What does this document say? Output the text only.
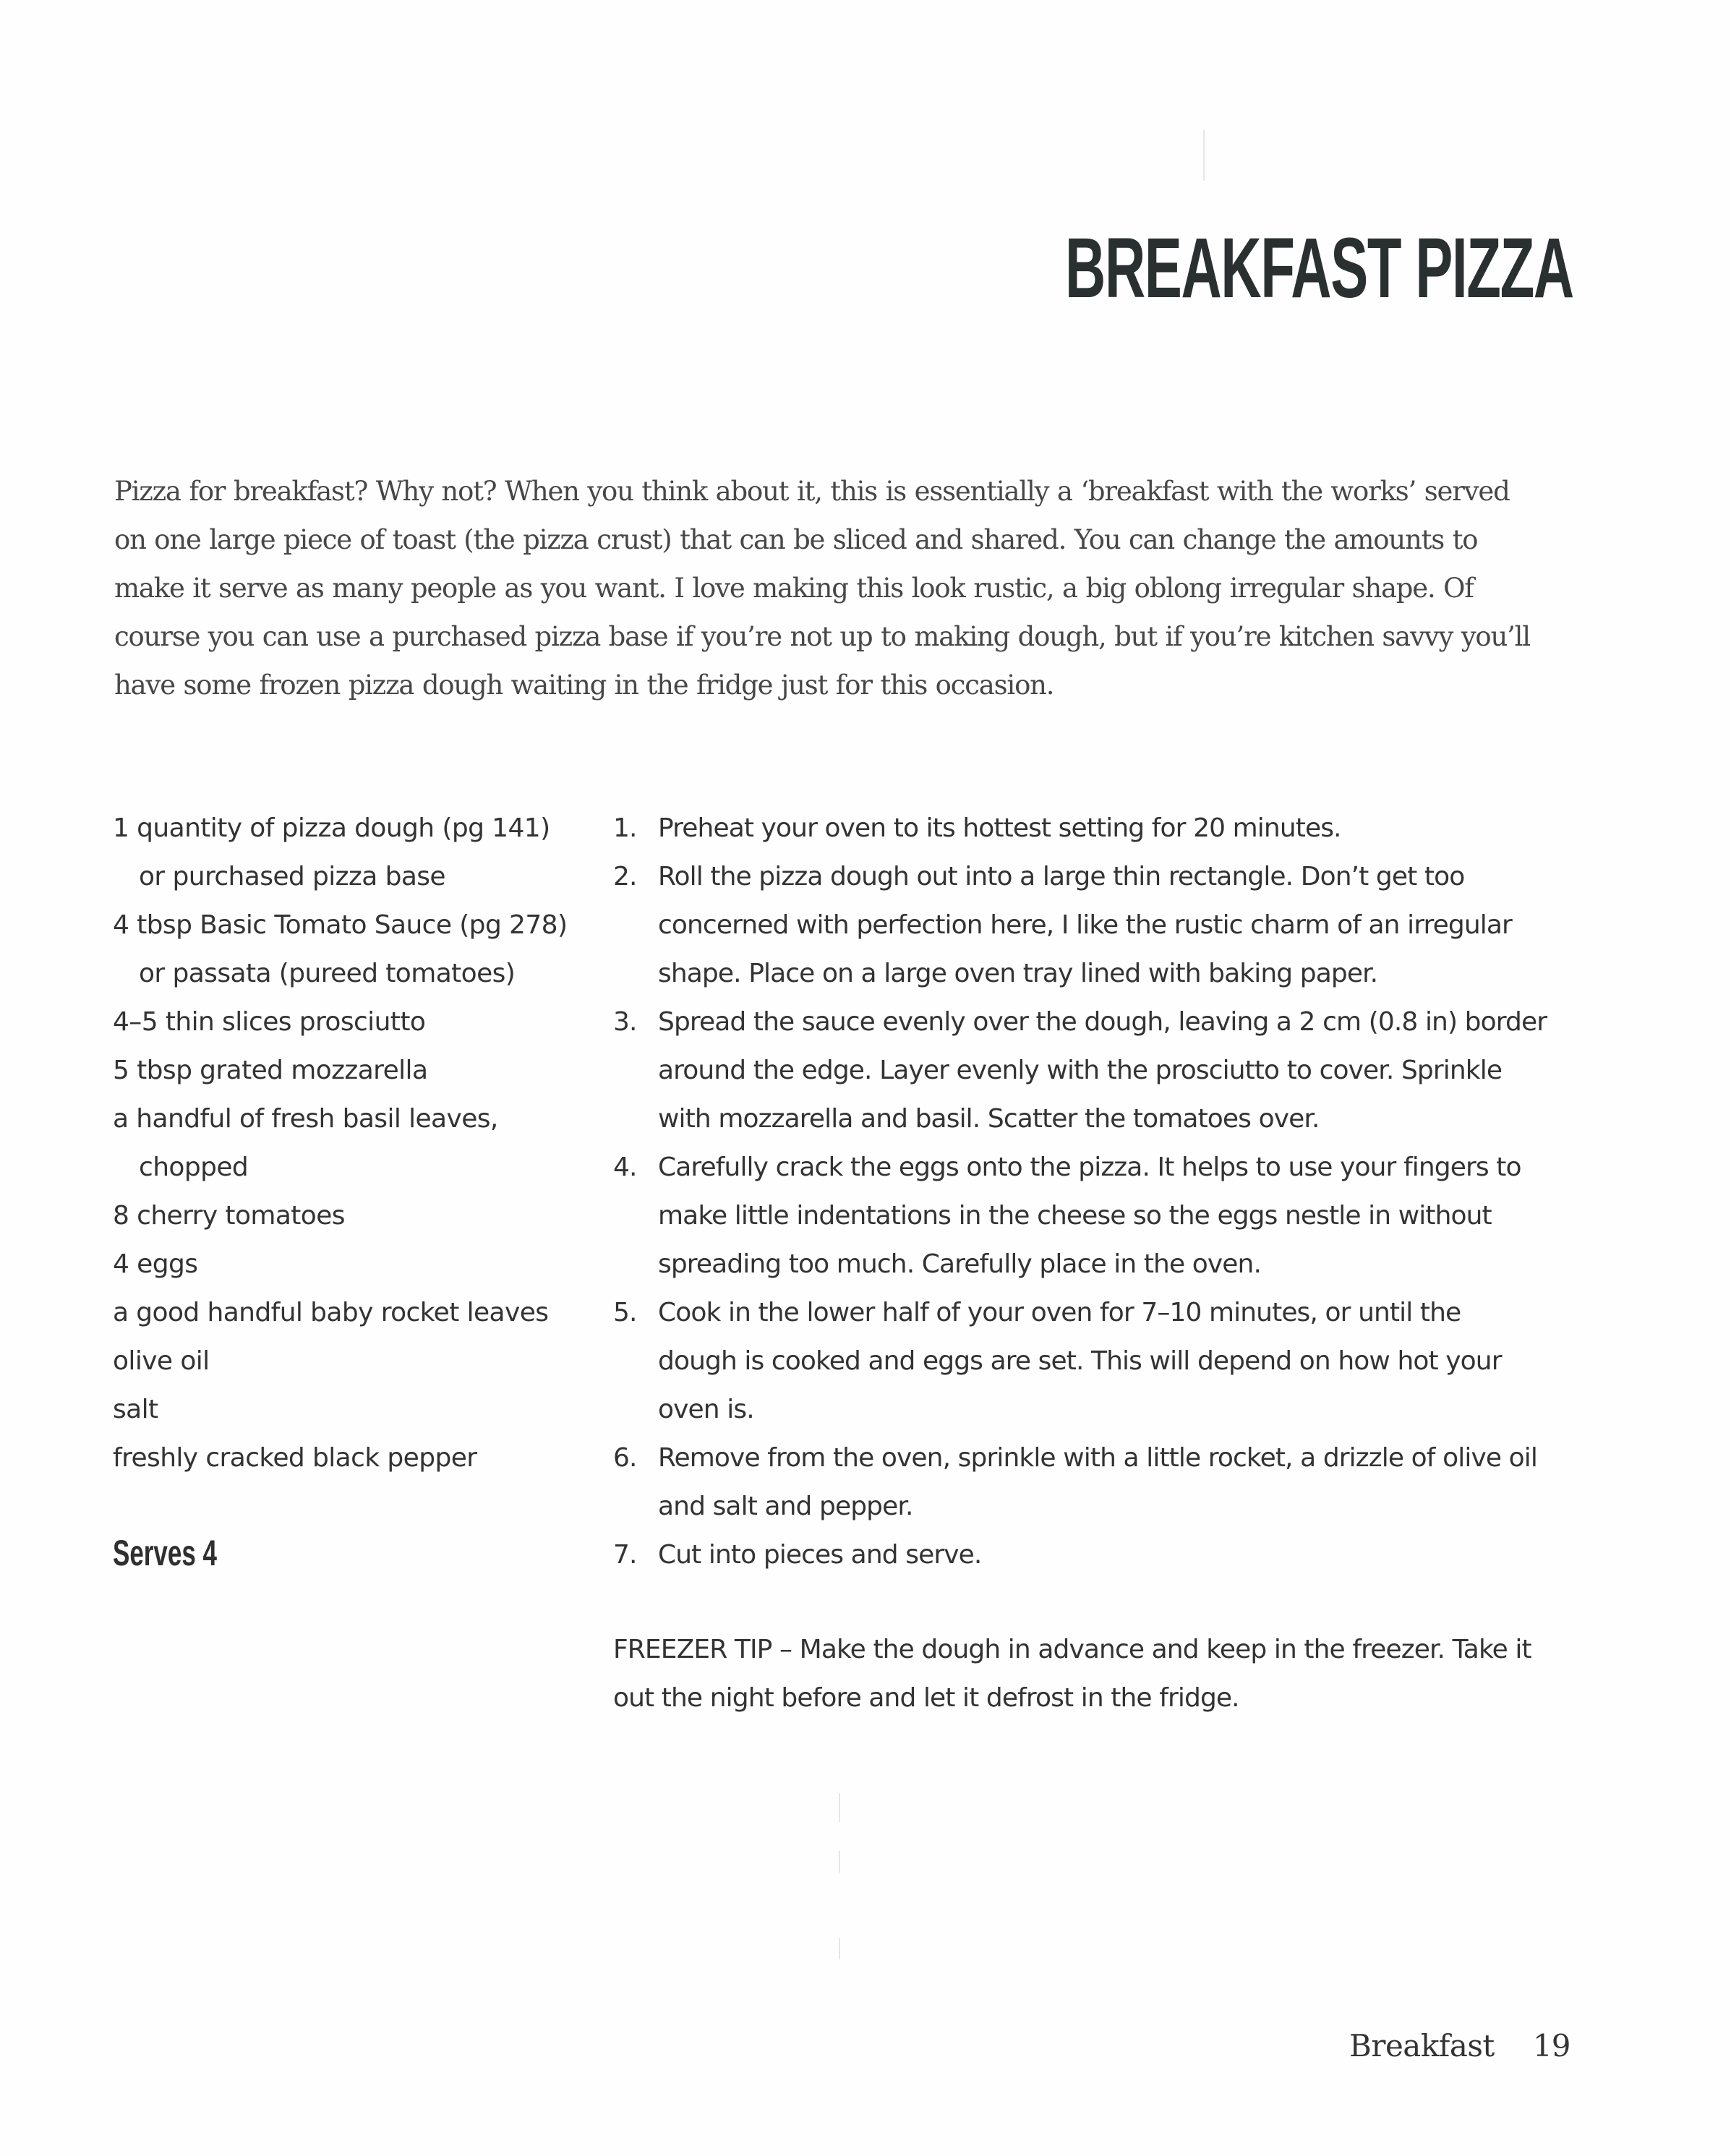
BREAKFAST PIZZA

Pizza for breakfast? Why not? When you think about it, this is essentially a ‘breakfast with the works’ served
on one large piece of toast (the pizza crust) that can be sliced and shared. You can change the amounts to
make it serve as many people as you want. I love making this look rustic, a big oblong irregular shape. Of
course you can use a purchased pizza base if you’re not up to making dough, but if you’re kitchen savvy you’ll
have some frozen pizza dough waiting in the fridge just for this occasion.

1 quantity of pizza dough (pg 141)
or purchased pizza base
4 tbsp Basic Tomato Sauce (pg 278)
or passata (pureed tomatoes)
4–5 thin slices prosciutto
5 tbsp grated mozzarella
a handful of fresh basil leaves,
chopped
8 cherry tomatoes
4 eggs
a good handful baby rocket leaves
olive oil
salt
freshly cracked black pepper
Serves 4
1. Preheat your oven to its hottest setting for 20 minutes.
2. Roll the pizza dough out into a large thin rectangle. Don’t get too
concerned with perfection here, I like the rustic charm of an irregular
shape. Place on a large oven tray lined with baking paper.
3. Spread the sauce evenly over the dough, leaving a 2 cm (0.8 in) border
around the edge. Layer evenly with the prosciutto to cover. Sprinkle
with mozzarella and basil. Scatter the tomatoes over.
4. Carefully crack the eggs onto the pizza. It helps to use your fingers to
make little indentations in the cheese so the eggs nestle in without
spreading too much. Carefully place in the oven.
5. Cook in the lower half of your oven for 7–10 minutes, or until the
dough is cooked and eggs are set. This will depend on how hot your
oven is.
6. Remove from the oven, sprinkle with a little rocket, a drizzle of olive oil
and salt and pepper.
7. Cut into pieces and serve.

FREEZER TIP – Make the dough in advance and keep in the freezer. Take it
out the night before and let it defrost in the fridge.

Breakfast 19
